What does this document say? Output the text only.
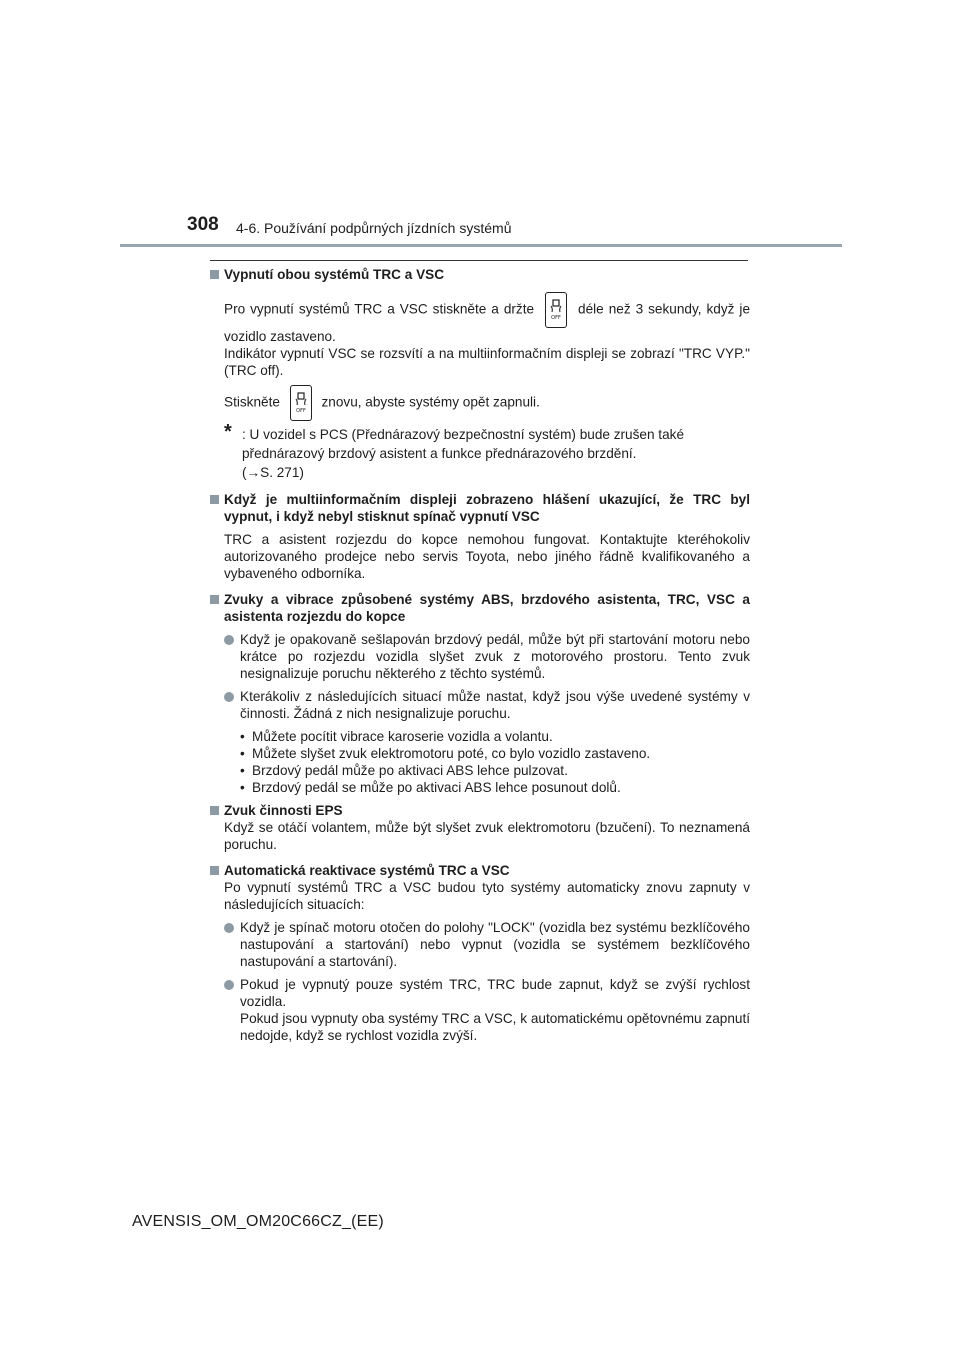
308 4-6. Používání podpůrných jízdních systémů
Vypnutí obou systémů TRC a VSC

Pro vypnutí systémů TRC a VSC stiskněte a držte
OFF
déle než 3 sekundy, když je vozidlo zastaveno.

Indikátor vypnutí VSC se rozsvítí a na multiinformačním displeji se zobrazí "TRC VYP." (TRC off).

Stiskněte
OFF
znovu, abyste systémy opět zapnuli.

* : U vozidel s PCS (Přednárazový bezpečnostní systém) bude zrušen také přednárazový brzdový asistent a funkce přednárazového brzdění.
(→S. 271)
Když je multiinformačním displeji zobrazeno hlášení ukazující, že TRC byl vypnut, i když nebyl stisknut spínač vypnutí VSC

TRC a asistent rozjezdu do kopce nemohou fungovat. Kontaktujte kteréhokoliv autorizovaného prodejce nebo servis Toyota, nebo jiného řádně kvalifikovaného a vybaveného odborníka.

Zvuky a vibrace způsobené systémy ABS, brzdového asistenta, TRC, VSC a asistenta rozjezdu do kopce
Když je opakovaně sešlapován brzdový pedál, může být při startování motoru nebo krátce po rozjezdu vozidla slyšet zvuk z motorového prostoru. Tento zvuk nesignalizuje poruchu některého z těchto systémů.
Kterákoliv z následujících situací může nastat, když jsou výše uvedené systémy v činnosti. Žádná z nich nesignalizuje poruchu.
• Můžete pocítit vibrace karoserie vozidla a volantu.
• Můžete slyšet zvuk elektromotoru poté, co bylo vozidlo zastaveno.
• Brzdový pedál může po aktivaci ABS lehce pulzovat.
• Brzdový pedál se může po aktivaci ABS lehce posunout dolů.
Zvuk činnosti EPS

Když se otáčí volantem, může být slyšet zvuk elektromotoru (bzučení). To neznamená poruchu.

Automatická reaktivace systémů TRC a VSC

Po vypnutí systémů TRC a VSC budou tyto systémy automaticky znovu zapnuty v následujících situacích:

Když je spínač motoru otočen do polohy "LOCK" (vozidla bez systému bezklíčového nastupování a startování) nebo vypnut (vozidla se systémem bezklíčového nastupování a startování).
Pokud je vypnutý pouze systém TRC, TRC bude zapnut, když se zvýší rychlost vozidla.
Pokud jsou vypnuty oba systémy TRC a VSC, k automatickému opětovnému zapnutí nedojde, když se rychlost vozidla zvýší.
AVENSIS_OM_OM20C66CZ_(EE)
